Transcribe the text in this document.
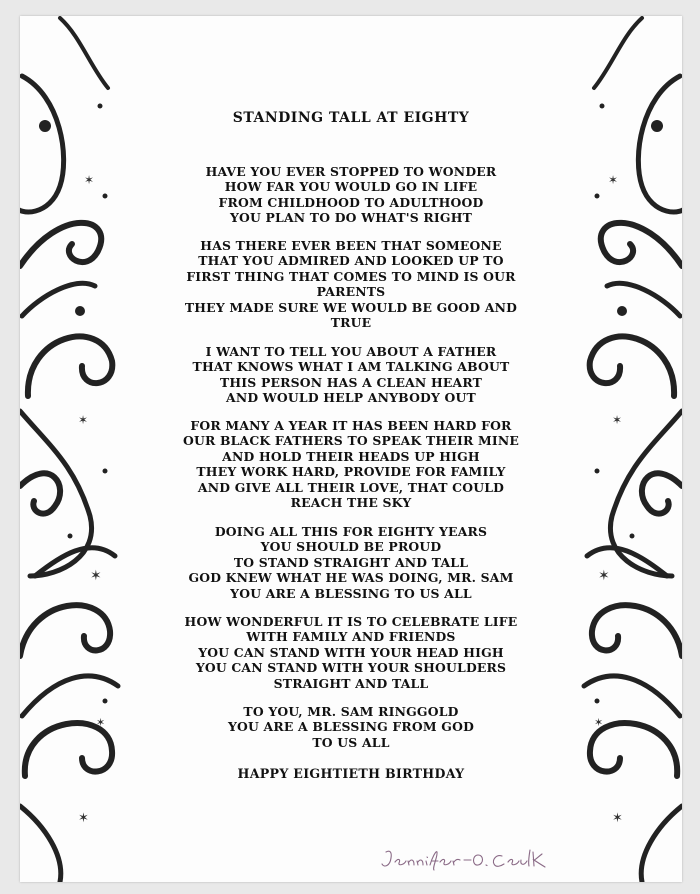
✶
✶
✶
✶
✶
✶
✶
✶
✶
✶
STANDING TALL AT EIGHTY
HAVE YOU EVER STOPPED TO WONDER
HOW FAR YOU WOULD GO IN LIFE
FROM CHILDHOOD TO ADULTHOOD
YOU PLAN TO DO WHAT'S RIGHT
HAS THERE EVER BEEN THAT SOMEONE
THAT YOU ADMIRED AND LOOKED UP TO
FIRST THING THAT COMES TO MIND IS OUR
PARENTS
THEY MADE SURE WE WOULD BE GOOD AND
TRUE
I WANT TO TELL YOU ABOUT A FATHER
THAT KNOWS WHAT I AM TALKING ABOUT
THIS PERSON HAS A CLEAN HEART
AND WOULD HELP ANYBODY OUT
FOR MANY A YEAR IT HAS BEEN HARD FOR
OUR BLACK FATHERS TO SPEAK THEIR MINE
AND HOLD THEIR HEADS UP HIGH
THEY WORK HARD, PROVIDE FOR FAMILY
AND GIVE ALL THEIR LOVE, THAT COULD
REACH THE SKY
DOING ALL THIS FOR EIGHTY YEARS
YOU SHOULD BE PROUD
TO STAND STRAIGHT AND TALL
GOD KNEW WHAT HE WAS DOING, MR. SAM
YOU ARE A BLESSING TO US ALL
HOW WONDERFUL IT IS TO CELEBRATE LIFE
WITH FAMILY AND FRIENDS
YOU CAN STAND WITH YOUR HEAD HIGH
YOU CAN STAND WITH YOUR SHOULDERS
STRAIGHT AND TALL
TO YOU, MR. SAM RINGGOLD
YOU ARE A BLESSING FROM GOD
TO US ALL

HAPPY EIGHTIETH BIRTHDAY
